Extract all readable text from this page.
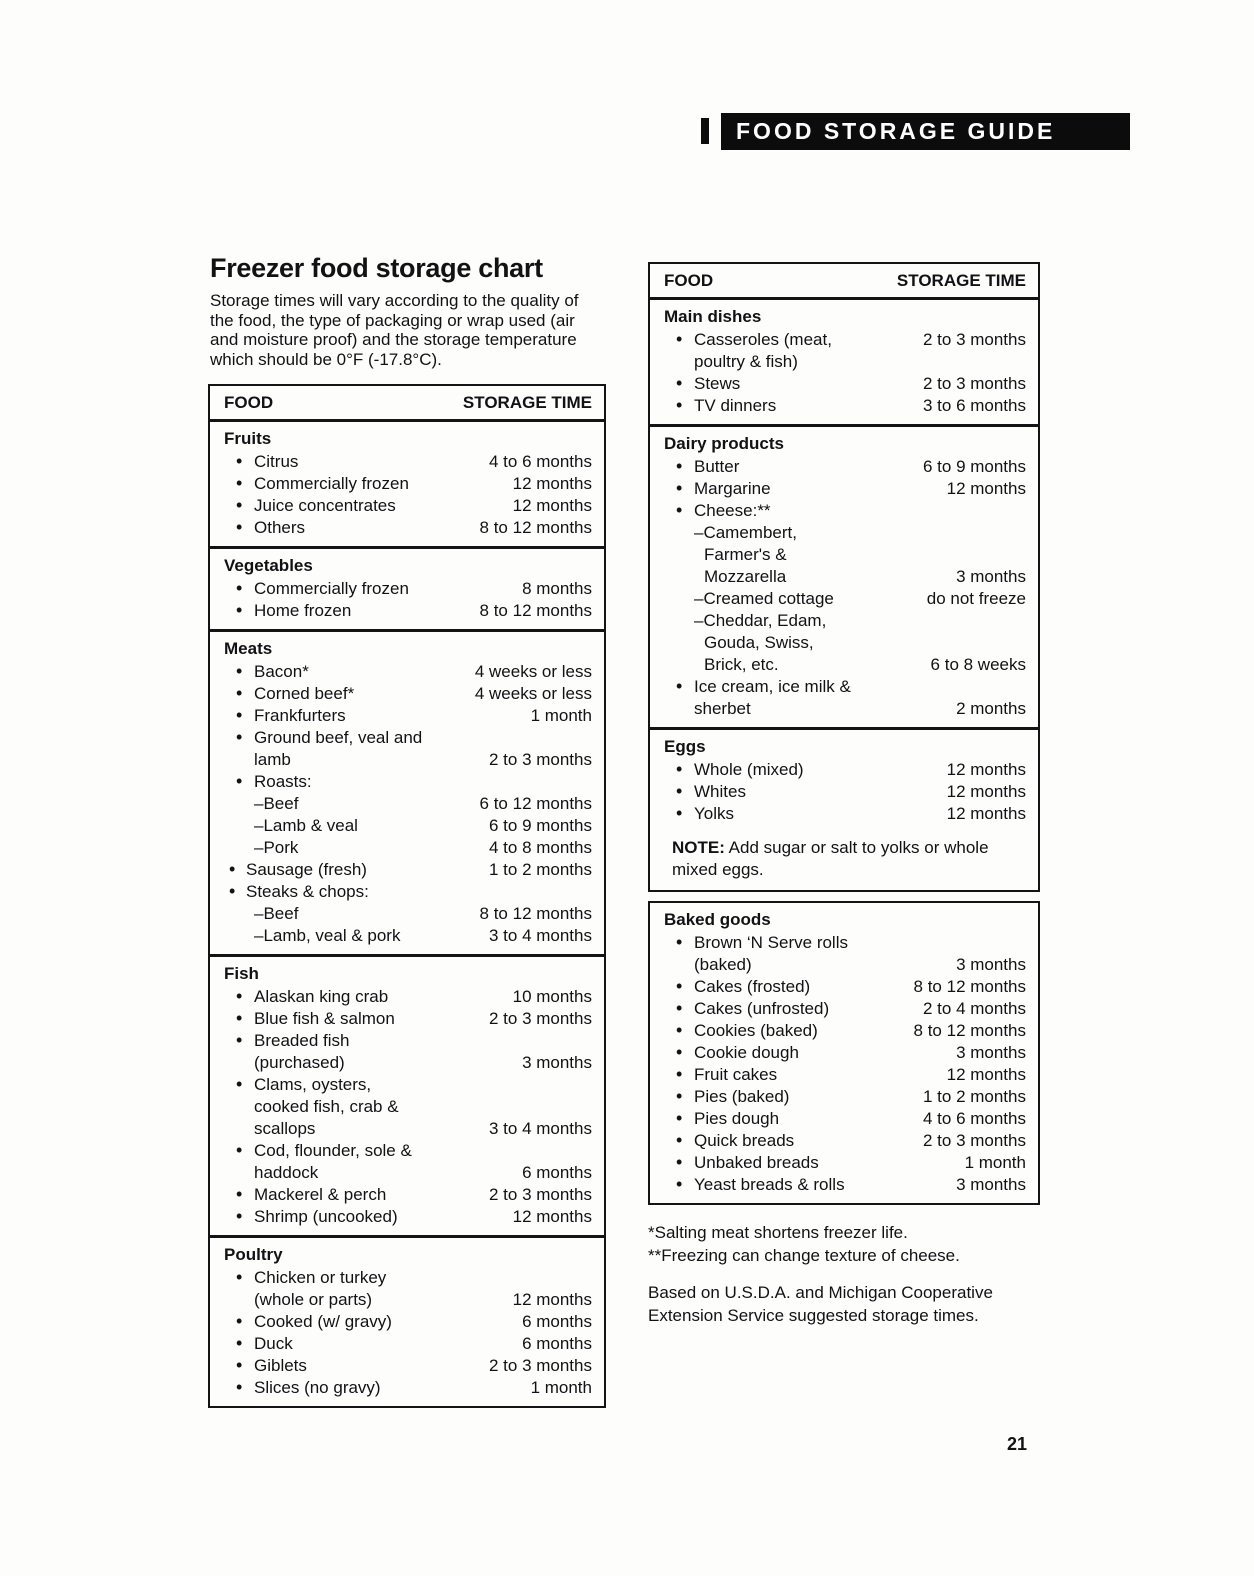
FOOD STORAGE GUIDE
Freezer food storage chart
Storage times will vary according to the quality of the food, the type of packaging or wrap used (air and moisture proof) and the storage temperature which should be 0°F (-17.8°C).
FOOD	STORAGE TIME
Fruits
• Citrus	4 to 6 months
• Commercially frozen	12 months
• Juice concentrates	12 months
• Others	8 to 12 months
Vegetables
• Commercially frozen	8 months
• Home frozen	8 to 12 months
Meats
• Bacon*	4 weeks or less
• Corned beef*	4 weeks or less
• Frankfurters	1 month
• Ground beef, veal and
lamb	2 to 3 months
• Roasts:
–Beef	6 to 12 months
–Lamb & veal	6 to 9 months
–Pork	4 to 8 months
• Sausage (fresh)	1 to 2 months
• Steaks & chops:
–Beef	8 to 12 months
–Lamb, veal & pork	3 to 4 months
Fish
• Alaskan king crab	10 months
• Blue fish & salmon	2 to 3 months
• Breaded fish
(purchased)	3 months
• Clams, oysters,
cooked fish, crab &
scallops	3 to 4 months
• Cod, flounder, sole &
haddock	6 months
• Mackerel & perch	2 to 3 months
• Shrimp (uncooked)	12 months
Poultry
• Chicken or turkey
(whole or parts)	12 months
• Cooked (w/ gravy)	6 months
• Duck	6 months
• Giblets	2 to 3 months
• Slices (no gravy)	1 month
FOOD	STORAGE TIME
Main dishes
• Casseroles (meat,
poultry & fish)
2 to 3 months
• Stews	2 to 3 months
• TV dinners	3 to 6 months
Dairy products
• Butter	6 to 9 months
• Margarine	12 months
• Cheese:**
–Camembert,
Farmer's &
Mozzarella	3 months
–Creamed cottage	do not freeze
–Cheddar, Edam,
Gouda, Swiss,
Brick, etc.	6 to 8 weeks
• Ice cream, ice milk &
sherbet	2 months
Eggs
• Whole (mixed)	12 months
• Whites	12 months
• Yolks	12 months
NOTE: Add sugar or salt to yolks or whole mixed eggs.
Baked goods
• Brown ‘N Serve rolls
(baked)	3 months
• Cakes (frosted)	8 to 12 months
• Cakes (unfrosted)	2 to 4 months
• Cookies (baked)	8 to 12 months
• Cookie dough	3 months
• Fruit cakes	12 months
• Pies (baked)	1 to 2 months
• Pies dough	4 to 6 months
• Quick breads	2 to 3 months
• Unbaked breads	1 month
• Yeast breads & rolls	3 months
*Salting meat shortens freezer life.
**Freezing can change texture of cheese.
Based on U.S.D.A. and Michigan Cooperative Extension Service suggested storage times.
21
